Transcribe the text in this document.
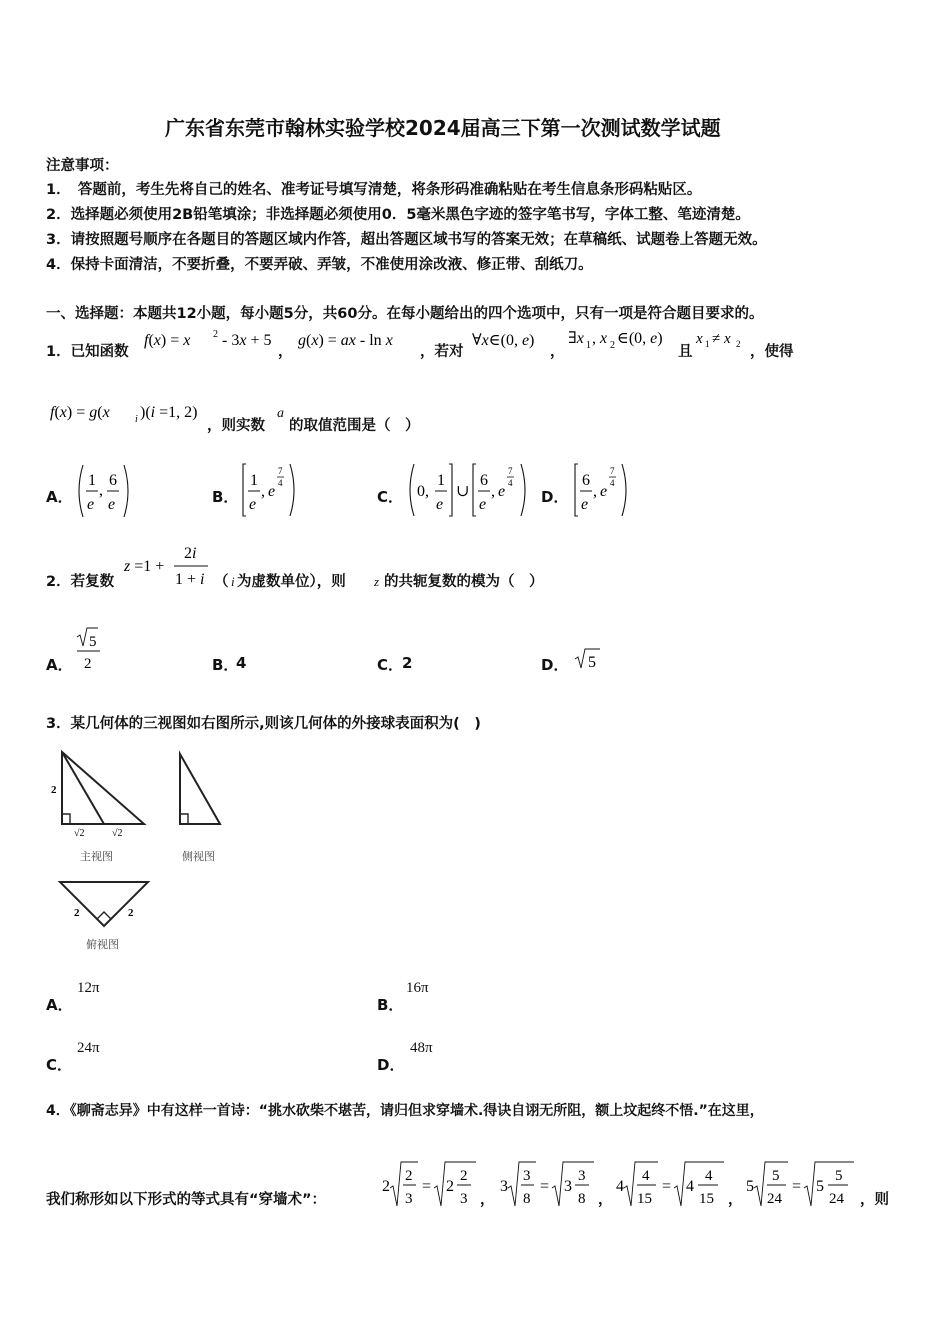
广东省东莞市翰林实验学校2024届高三下第一次测试数学试题
注意事项：
1．　答题前，考生先将自己的姓名、准考证号填写清楚，将条形码准确粘贴在考生信息条形码粘贴区。
2．选择题必须使用2B铅笔填涂；非选择题必须使用0．5毫米黑色字迹的签字笔书写，字体工整、笔迹清楚。
3．请按照题号顺序在各题目的答题区域内作答，超出答题区域书写的答案无效；在草稿纸、试题卷上答题无效。
4．保持卡面清洁，不要折叠，不要弄破、弄皱，不准使用涂改液、修正带、刮纸刀。
一、选择题：本题共12小题，每小题5分，共60分。在每小题给出的四个选项中，只有一项是符合题目要求的。
1．已知函数
f(x) = x 2 - 3x + 5
，
g(x) = ax - ln x
，若对
∀x∈(0, e)
，
∃x 1 , x 2 ∈(0, e)
且
x 1 ≠ x 2 ，使得
f(x) = g(x	i )(i =1, 2)
，则实数
a
的取值范围是（　）
A．
1
e
,
6
e	B．
1
e
, e
7
4
C． 0,
1
e
∪
6
e
, e
7
4
D．
6
e
, e
7
4
2．若复数
z =1 +
2i
1 + i （ i 为虚数单位），则 z 的共轭复数的模为（　）
A．
5
2	B．
4	C．
2	D． 5
3．某几何体的三视图如右图所示,则该几何体的外接球表面积为(　)
2
√2	√2
主视图	侧视图
2	2
俯视图
A．
12π
B．
16π
C．
24π
D．
48π
4．《聊斋志异》中有这样一首诗：“挑水砍柴不堪苦，请归但求穿墙术.得诀自诩无所阻，额上坟起终不悟.”在这里，
我们称形如以下形式的等式具有“穿墙术”：
2
2
3
= 2
2
3 ，
3
3
8
= 3
3
8 ，
4
4
15
= 4
4
15 ，
5
5
24
= 5
5
24 ，则
